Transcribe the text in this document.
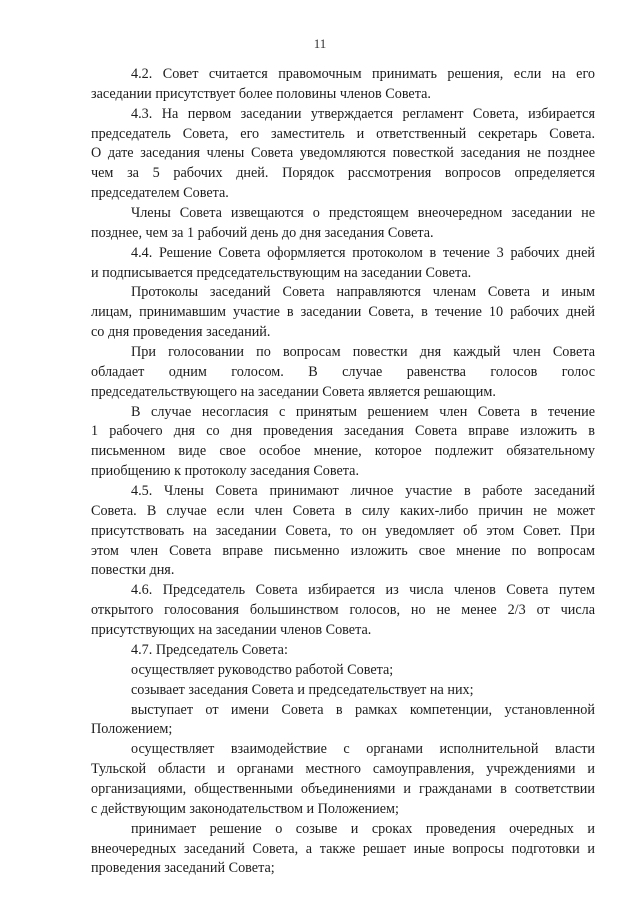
11
4.2. Совет считается правомочным принимать решения, если на его
заседании присутствует более половины членов Совета.
4.3. На первом заседании утверждается регламент Совета, избирается
председатель Совета, его заместитель и ответственный секретарь Совета.
О дате заседания члены Совета уведомляются повесткой заседания не позднее
чем за 5 рабочих дней. Порядок рассмотрения вопросов определяется
председателем Совета.
Члены Совета извещаются о предстоящем внеочередном заседании не
позднее, чем за 1 рабочий день до дня заседания Совета.
4.4. Решение Совета оформляется протоколом в течение 3 рабочих дней
и подписывается председательствующим на заседании Совета.
Протоколы заседаний Совета направляются членам Совета и иным
лицам, принимавшим участие в заседании Совета, в течение 10 рабочих дней
со дня проведения заседаний.
При голосовании по вопросам повестки дня каждый член Совета
обладает одним голосом. В случае равенства голосов голос
председательствующего на заседании Совета является решающим.
В случае несогласия с принятым решением член Совета в течение
1 рабочего дня со дня проведения заседания Совета вправе изложить в
письменном виде свое особое мнение, которое подлежит обязательному
приобщению к протоколу заседания Совета.
4.5. Члены Совета принимают личное участие в работе заседаний
Совета. В случае если член Совета в силу каких-либо причин не может
присутствовать на заседании Совета, то он уведомляет об этом Совет. При
этом член Совета вправе письменно изложить свое мнение по вопросам
повестки дня.
4.6. Председатель Совета избирается из числа членов Совета путем
открытого голосования большинством голосов, но не менее 2/3 от числа
присутствующих на заседании членов Совета.
4.7. Председатель Совета:
осуществляет руководство работой Совета;
созывает заседания Совета и председательствует на них;
выступает от имени Совета в рамках компетенции, установленной
Положением;
осуществляет взаимодействие с органами исполнительной власти
Тульской области и органами местного самоуправления, учреждениями и
организациями, общественными объединениями и гражданами в соответствии
с действующим законодательством и Положением;
принимает решение о созыве и сроках проведения очередных и
внеочередных заседаний Совета, а также решает иные вопросы подготовки и
проведения заседаний Совета;
